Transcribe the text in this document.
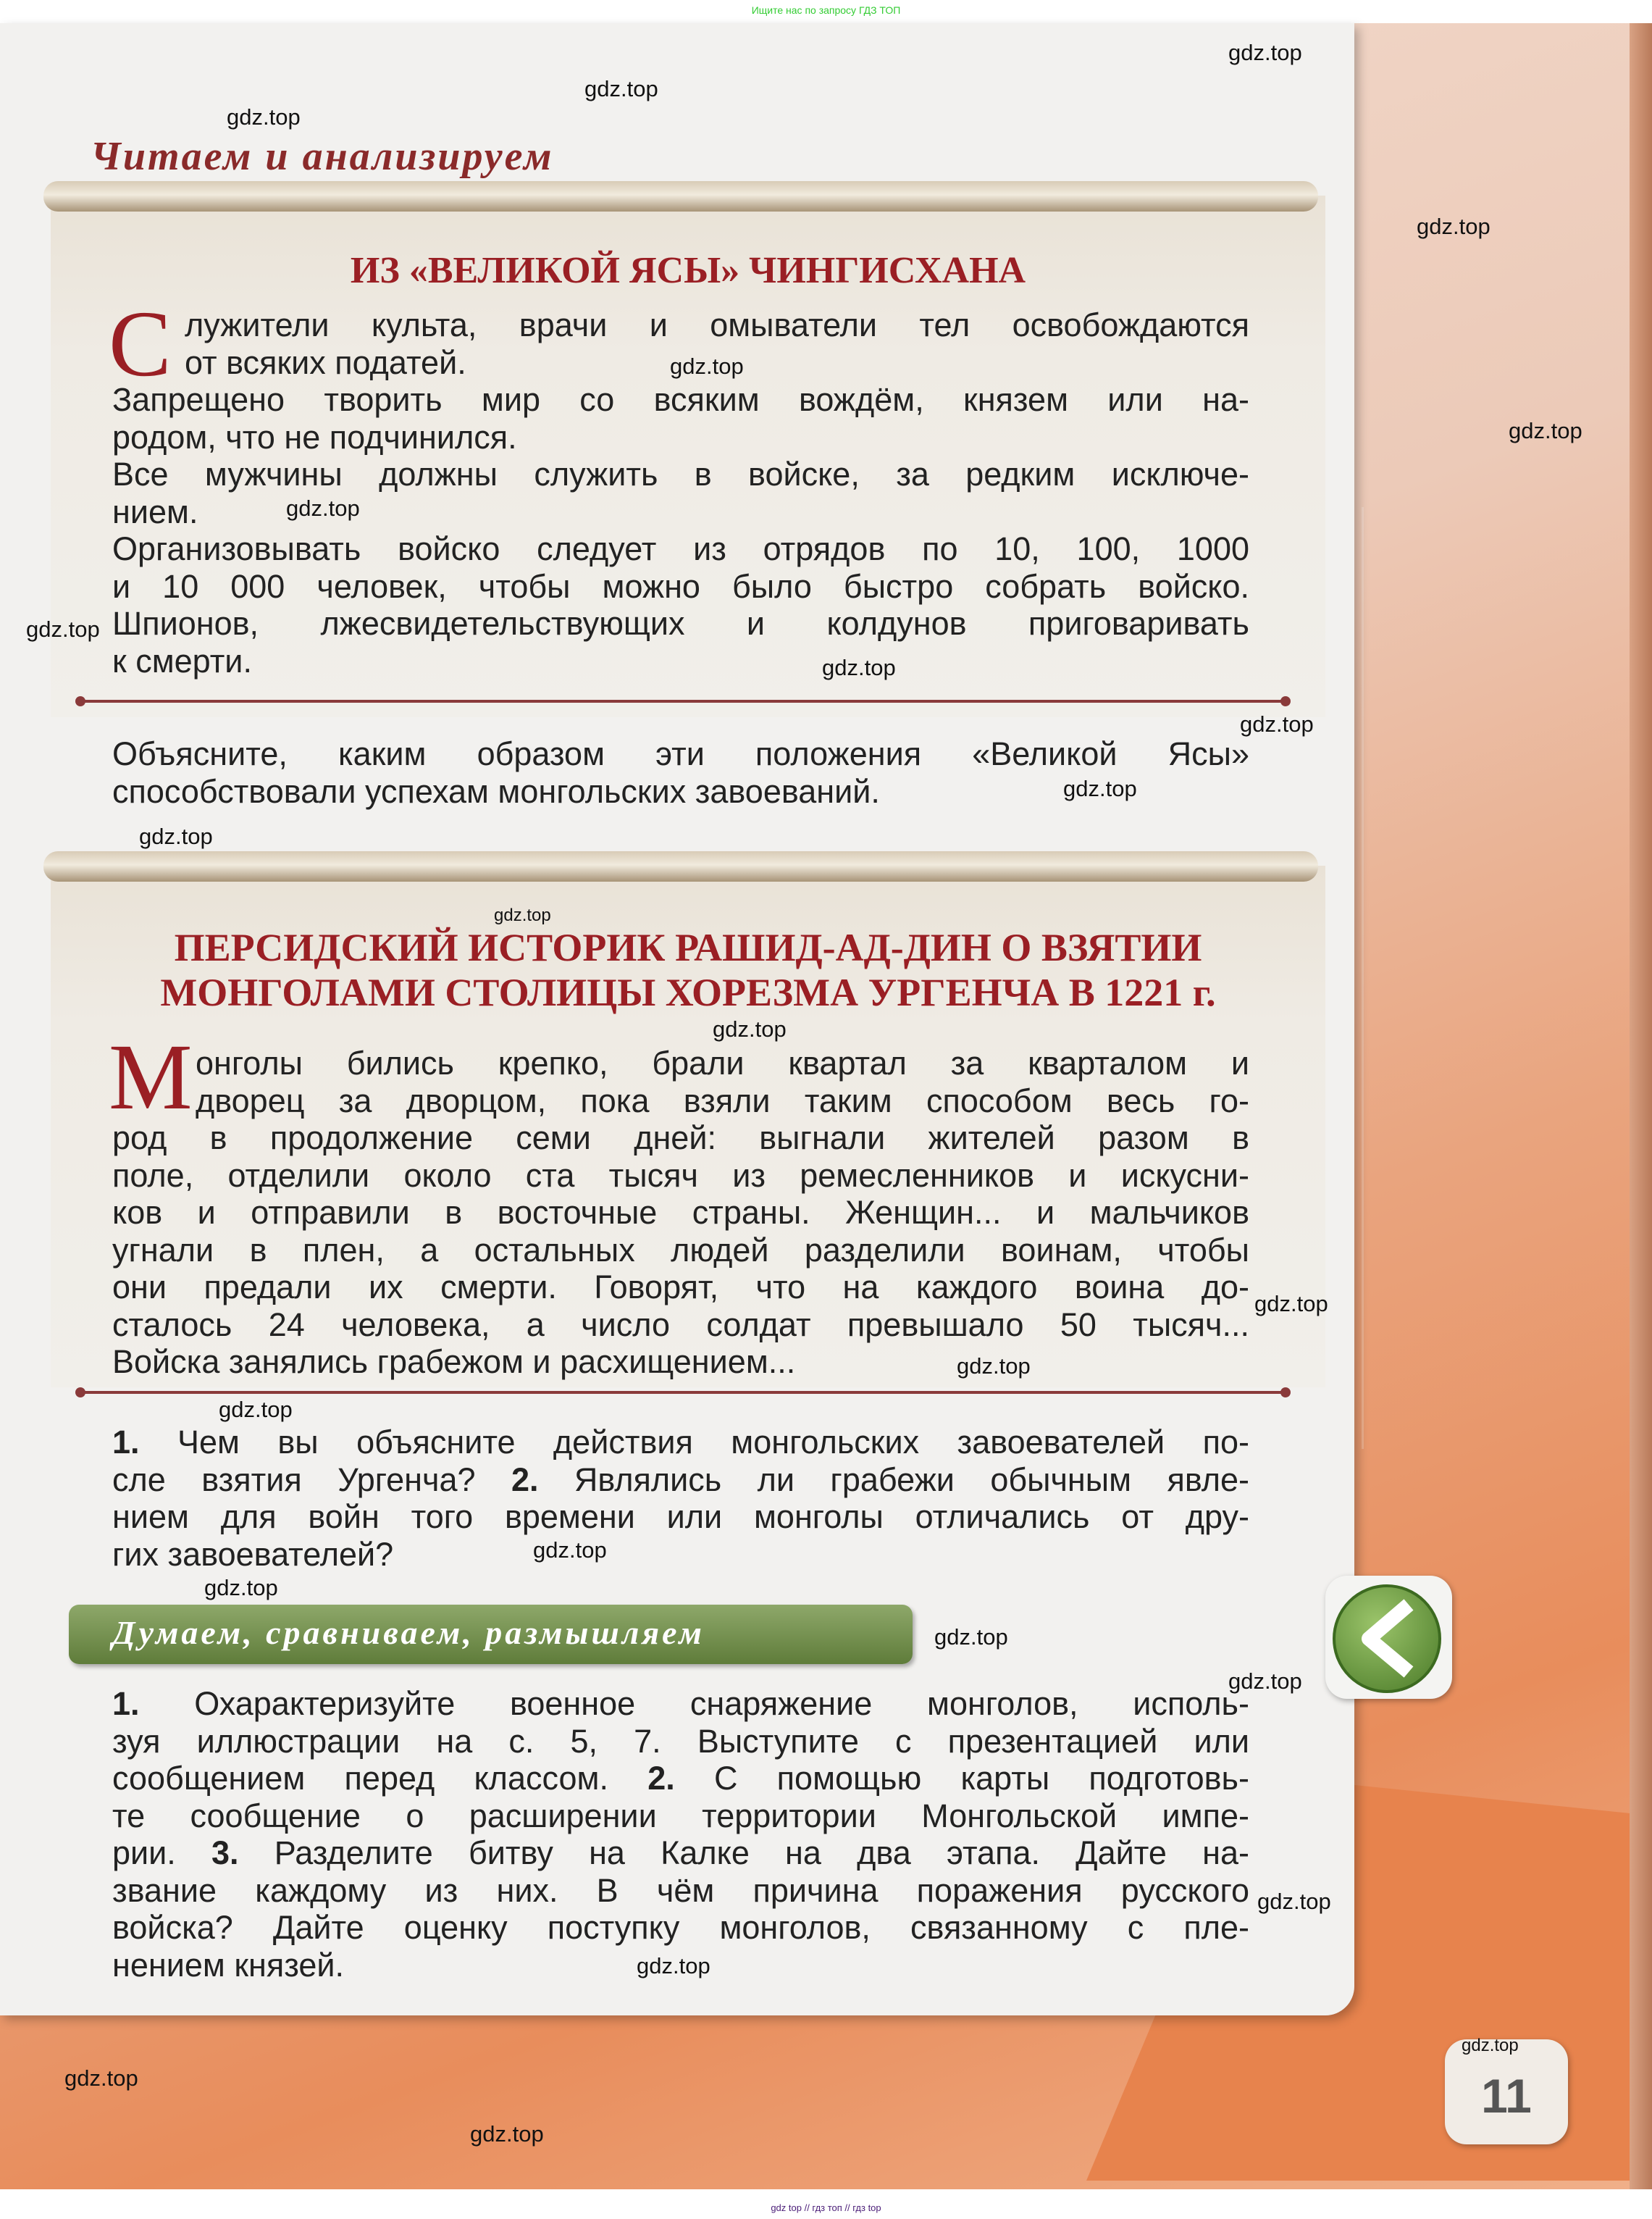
Ищите нас по запросу ГДЗ ТОП
Читаем и анализируем
ИЗ «ВЕЛИКОЙ ЯСЫ» ЧИНГИСХАНА
С лужители культа, врачи и омыватели тел освобождаются
от всяких податей.
Запрещено творить мир со всяким вождём, князем или на-
родом, что не подчинился.
Все мужчины должны служить в войске, за редким исключе-
нием.
Организовывать войско следует из отрядов по 10, 100, 1000
и 10 000 человек, чтобы можно было быстро собрать войско.
Шпионов, лжесвидетельствующих и колдунов приговаривать
к смерти.
Объясните, каким образом эти положения «Великой Ясы»
способствовали успехам монгольских завоеваний.
ПЕРСИДСКИЙ ИСТОРИК РАШИД-АД-ДИН О ВЗЯТИИ
МОНГОЛАМИ СТОЛИЦЫ ХОРЕЗМА УРГЕНЧА В 1221 г.
М онголы бились крепко, брали квартал за кварталом и
дворец за дворцом, пока взяли таким способом весь го-
род в продолжение семи дней: выгнали жителей разом в
поле, отделили около ста тысяч из ремесленников и искусни-
ков и отправили в восточные страны. Женщин... и мальчиков
угнали в плен, а остальных людей разделили воинам, чтобы
они предали их смерти. Говорят, что на каждого воина до-
сталось 24 человека, а число солдат превышало 50 тысяч...
Войска занялись грабежом и расхищением...
1. Чем вы объясните действия монгольских завоевателей по-
сле взятия Ургенча? 2. Являлись ли грабежи обычным явле-
нием для войн того времени или монголы отличались от дру-
гих завоевателей?
Думаем, сравниваем, размышляем
1. Охарактеризуйте военное снаряжение монголов, исполь-
зуя иллюстрации на с. 5, 7. Выступите с презентацией или
сообщением перед классом. 2. С помощью карты подготовь-
те сообщение о расширении территории Монгольской импе-
рии. 3. Разделите битву на Калке на два этапа. Дайте на-
звание каждому из них. В чём причина поражения русского
войска? Дайте оценку поступку монголов, связанному с пле-
нением князей.
11
gdz.top
gdz.top
gdz.top
gdz.top
gdz.top
gdz.top
gdz.top
gdz.top
gdz.top
gdz.top
gdz.top
gdz.top
gdz.top
gdz.top
gdz.top
gdz.top
gdz.top
gdz.top
gdz.top
gdz.top
gdz.top
gdz.top
gdz.top
gdz.top
gdz.top
gdz.top
gdz top // гдз топ // гдз top
